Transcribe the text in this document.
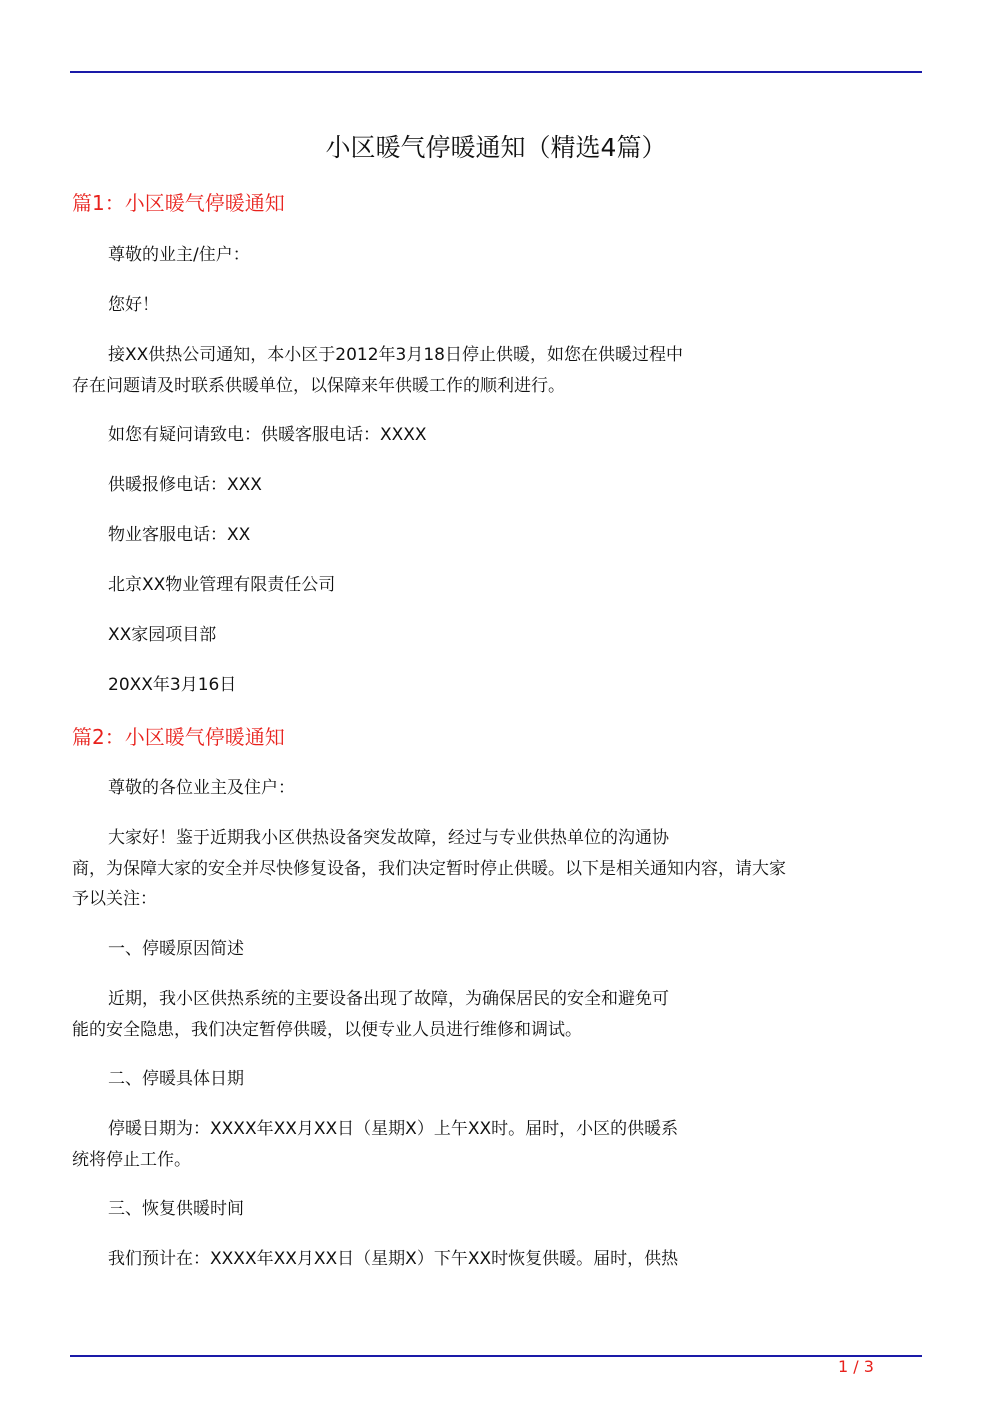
小区暖气停暖通知（精选4篇）
篇1：小区暖气停暖通知
尊敬的业主/住户：
您好！
接XX供热公司通知，本小区于2012年3月18日停止供暖，如您在供暖过程中
存在问题请及时联系供暖单位，以保障来年供暖工作的顺利进行。
如您有疑问请致电：供暖客服电话：XXXX
供暖报修电话：XXX
物业客服电话：XX
北京XX物业管理有限责任公司
XX家园项目部
20XX年3月16日
篇2：小区暖气停暖通知
尊敬的各位业主及住户：
大家好！鉴于近期我小区供热设备突发故障，经过与专业供热单位的沟通协
商，为保障大家的安全并尽快修复设备，我们决定暂时停止供暖。以下是相关通知内容，请大家
予以关注：
一、停暖原因简述
近期，我小区供热系统的主要设备出现了故障，为确保居民的安全和避免可
能的安全隐患，我们决定暂停供暖，以便专业人员进行维修和调试。
二、停暖具体日期
停暖日期为：XXXX年XX月XX日（星期X）上午XX时。届时，小区的供暖系
统将停止工作。
三、恢复供暖时间
我们预计在：XXXX年XX月XX日（星期X）下午XX时恢复供暖。届时，供热
1 / 3
